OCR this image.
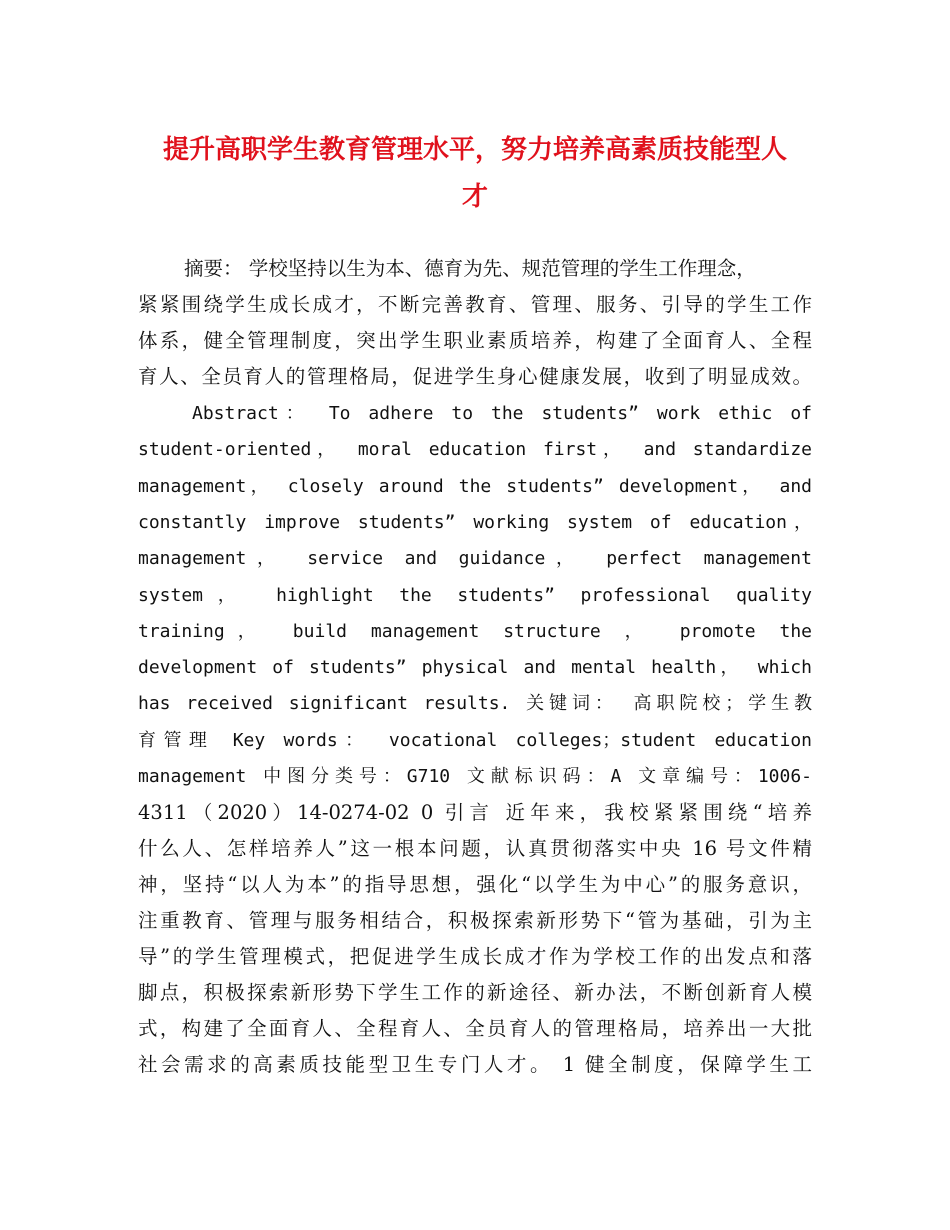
提升高职学生教育管理水平，努力培养高素质技能型人
才
摘要： 学校坚持以生为本、德育为先、规范管理的学生工作理念，
紧紧围绕学生成长成才，不断完善教育、管理、服务、引导的学生工作
体系，健全管理制度，突出学生职业素质培养，构建了全面育人、全程
育人、全员育人的管理格局，促进学生身心健康发展，收到了明显成效。
Abstract： To adhere to the students” work ethic of
student-oriented， moral education first， and standardize
management， closely around the students” development， and
constantly improve students” working system of education，
management， service and guidance， perfect management
system， highlight the students” professional quality
training， build management structure ， promote the
development of students” physical and mental health， which
has received significant results. 关键词： 高职院校；学生教
育管理 Key words： vocational colleges；student education
management 中图分类号：G710 文献标识码：A 文章编号：1006-
4311（2020）14-0274-02 0 引言 近年来，我校紧紧围绕“培养
什么人、怎样培养人”这一根本问题，认真贯彻落实中央 16 号文件精
神，坚持“以人为本”的指导思想，强化“以学生为中心”的服务意识，
注重教育、管理与服务相结合，积极探索新形势下“管为基础，引为主
导”的学生管理模式，把促进学生成长成才作为学校工作的出发点和落
脚点，积极探索新形势下学生工作的新途径、新办法，不断创新育人模
式，构建了全面育人、全程育人、全员育人的管理格局，培养出一大批
社会需求的高素质技能型卫生专门人才。 1 健全制度，保障学生工
